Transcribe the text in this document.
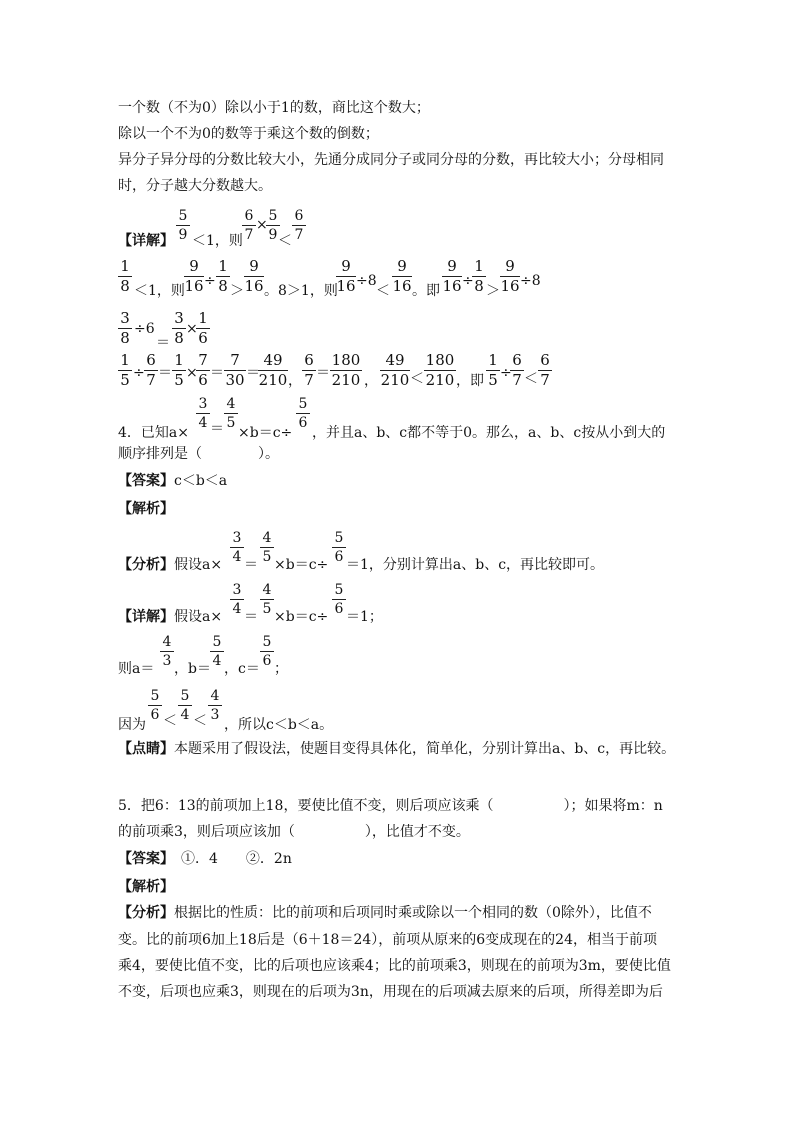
一个数（不为0）除以小于1的数，商比这个数大；
除以一个不为0的数等于乘这个数的倒数；
异分子异分母的分数比较大小，先通分成同分子或同分母的分数，再比较大小；分母相同
时，分子越大分数越大。
【详解】
5
9 ＜1，则
6
7
×
5
9 ＜
6
7
1
8 ＜1，则
9
16 ÷
1
8 ＞
9
16 。8＞1，则
9
16 ÷8
＜
9
16 。即
9
16 ÷
1
8 ＞
9
16 ÷8
3
8 ÷6
＝
3
8 ×
1
6
1
5 ÷
6
7 ＝
1
5 ×
7
6 ＝
7
30 ＝
49
210 ，
6
7 ＝
180
210 ，
49
210 ＜
180
210 ，即
1
5 ÷
6
7 ＜
6
7
4．已知a×
3
4 ＝
4
5
×b＝c÷
5
6
，并且a、b、c都不等于0。那么，a、b、c按从小到大的
顺序排列是（　　　　）。
【答案】c＜b＜a
【解析】
【分析】 假设a×
3
4 ＝
4
5 ×b＝c÷
5
6 ＝1，分别计算出a、b、c，再比较即可。
【详解】 假设a×
3
4 ＝
4
5 ×b＝c÷
5
6 ＝1；
则a＝
4
3 ，b＝
5
4 ，c＝
5
6 ；
因为
5
6 ＜
5
4 ＜
4
3
，所以c＜b＜a。
【点睛】本题采用了假设法，使题目变得具体化，简单化，分别计算出a、b、c，再比较。
5．把6：13的前项加上18，要使比值不变，则后项应该乘（　　　　　）；如果将m：n
的前项乘3，则后项应该加（　　　　　），比值才不变。
【答案】　①．4　　②．2n
【解析】
【分析】根据比的性质：比的前项和后项同时乘或除以一个相同的数（0除外），比值不
变。比的前项6加上18后是（6＋18＝24），前项从原来的6变成现在的24，相当于前项
乘4，要使比值不变，比的后项也应该乘4；比的前项乘3，则现在的前项为3m，要使比值
不变，后项也应乘3，则现在的后项为3n，用现在的后项减去原来的后项，所得差即为后
